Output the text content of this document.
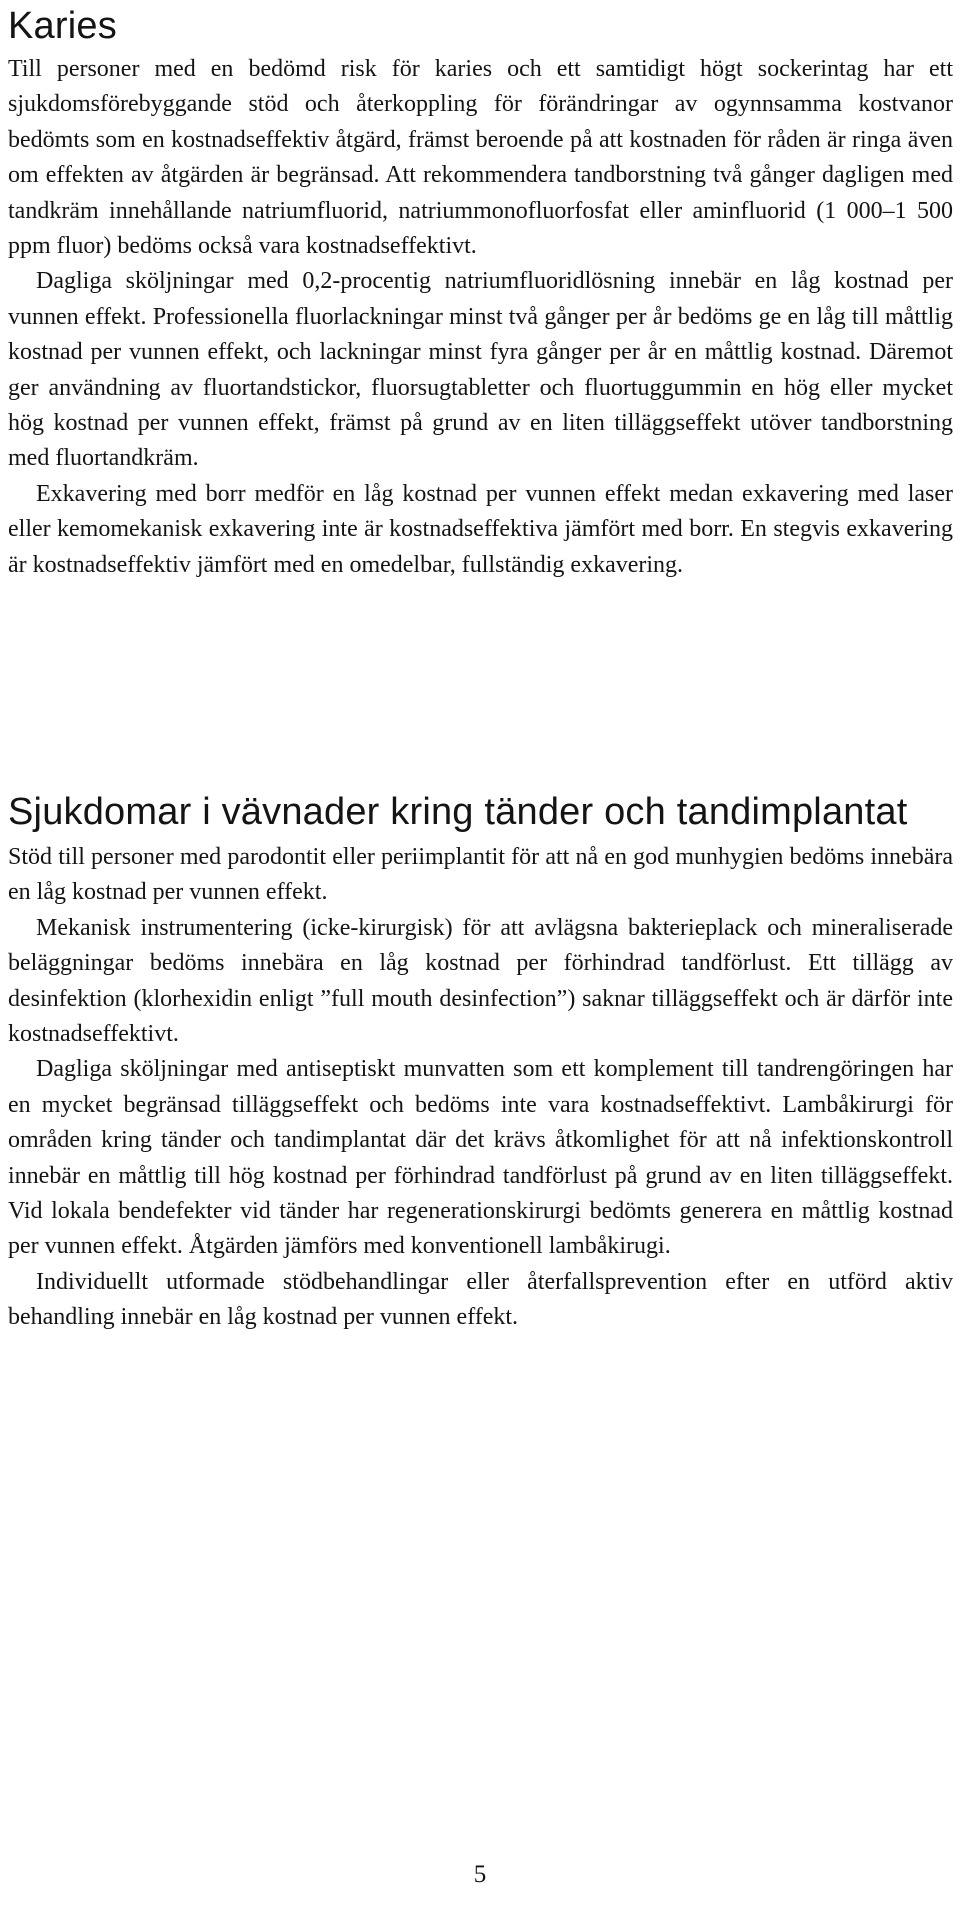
Karies

Till personer med en bedömd risk för karies och ett samtidigt högt sockerintag har ett sjukdomsförebyggande stöd och återkoppling för förändringar av ogynnsamma kostvanor bedömts som en kostnadseffektiv åtgärd, främst beroende på att kostnaden för råden är ringa även om effekten av åtgärden är begränsad. Att rekommendera tandborstning två gånger dagligen med tandkräm innehållande natriumfluorid, natriummonofluorfosfat eller aminfluorid (1 000–1 500 ppm fluor) bedöms också vara kostnadseffektivt.

Dagliga sköljningar med 0,2-procentig natriumfluoridlösning innebär en låg kostnad per vunnen effekt. Professionella fluorlackningar minst två gånger per år bedöms ge en låg till måttlig kostnad per vunnen effekt, och lackningar minst fyra gånger per år en måttlig kostnad. Däremot ger användning av fluortandstickor, fluorsugtabletter och fluortuggummin en hög eller mycket hög kostnad per vunnen effekt, främst på grund av en liten tilläggseffekt utöver tandborstning med fluortandkräm.

Exkavering med borr medför en låg kostnad per vunnen effekt medan exkavering med laser eller kemomekanisk exkavering inte är kostnadseffektiva jämfört med borr. En stegvis exkavering är kostnadseffektiv jämfört med en omedelbar, fullständig exkavering.

Sjukdomar i vävnader kring tänder och tandimplantat

Stöd till personer med parodontit eller periimplantit för att nå en god munhygien bedöms innebära en låg kostnad per vunnen effekt.

Mekanisk instrumentering (icke-kirurgisk) för att avlägsna bakterieplack och mineraliserade beläggningar bedöms innebära en låg kostnad per förhindrad tandförlust. Ett tillägg av desinfektion (klorhexidin enligt ”full mouth desinfection”) saknar tilläggseffekt och är därför inte kostnadseffektivt.

Dagliga sköljningar med antiseptiskt munvatten som ett komplement till tandrengöringen har en mycket begränsad tilläggseffekt och bedöms inte vara kostnadseffektivt. Lambåkirurgi för områden kring tänder och tandimplantat där det krävs åtkomlighet för att nå infektionskontroll innebär en måttlig till hög kostnad per förhindrad tandförlust på grund av en liten tilläggseffekt. Vid lokala bendefekter vid tänder har regenerationskirurgi bedömts generera en måttlig kostnad per vunnen effekt. Åtgärden jämförs med konventionell lambåkirugi.

Individuellt utformade stödbehandlingar eller återfallsprevention efter en utförd aktiv behandling innebär en låg kostnad per vunnen effekt.

5
